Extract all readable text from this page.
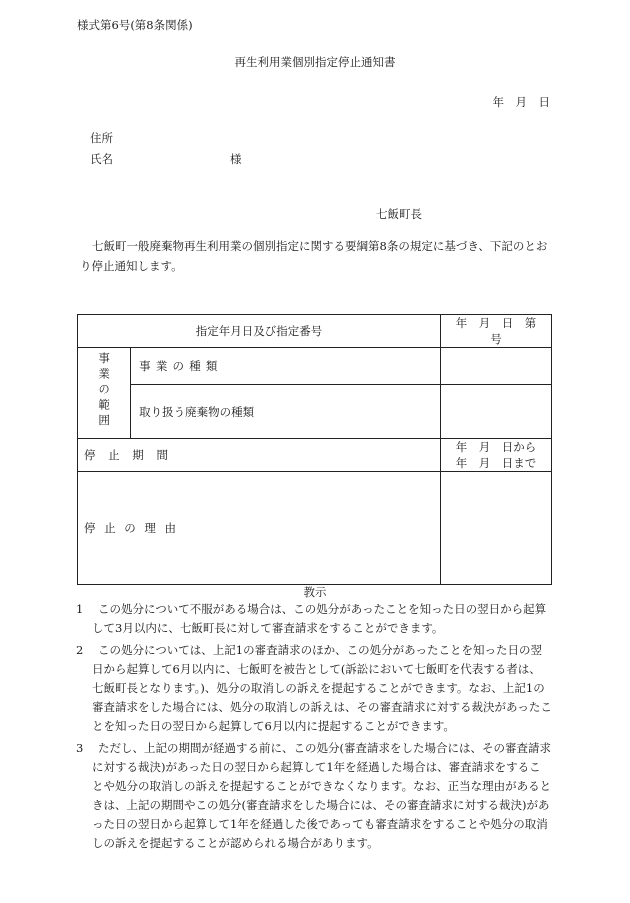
様式第6号(第8条関係)
再生利用業個別指定停止通知書
年　月　日
住所
氏名	様
七飯町長
七飯町一般廃棄物再生利用業の個別指定に関する要綱第8条の規定に基づき、下記のとおり停止通知します。
指定年月日及び指定番号		年　月　日　第　　　号
事業の範囲	事業の種類	
	取り扱う廃棄物の種類	
停止期間		年　月　日から　　　年　月　日まで
停止の理由		
教示
1	この処分について不服がある場合は、この処分があったことを知った日の翌日から起算して3月以内に、七飯町長に対して審査請求をすることができます。
2	この処分については、上記1の審査請求のほか、この処分があったことを知った日の翌日から起算して6月以内に、七飯町を被告として(訴訟において七飯町を代表する者は、七飯町長となります。)、処分の取消しの訴えを提起することができます。なお、上記1の審査請求をした場合には、処分の取消しの訴えは、その審査請求に対する裁決があったことを知った日の翌日から起算して6月以内に提起することができます。
3	ただし、上記の期間が経過する前に、この処分(審査請求をした場合には、その審査請求に対する裁決)があった日の翌日から起算して1年を経過した場合は、審査請求をすることや処分の取消しの訴えを提起することができなくなります。なお、正当な理由があるときは、上記の期間やこの処分(審査請求をした場合には、その審査請求に対する裁決)があった日の翌日から起算して1年を経過した後であっても審査請求をすることや処分の取消しの訴えを提起することが認められる場合があります。
